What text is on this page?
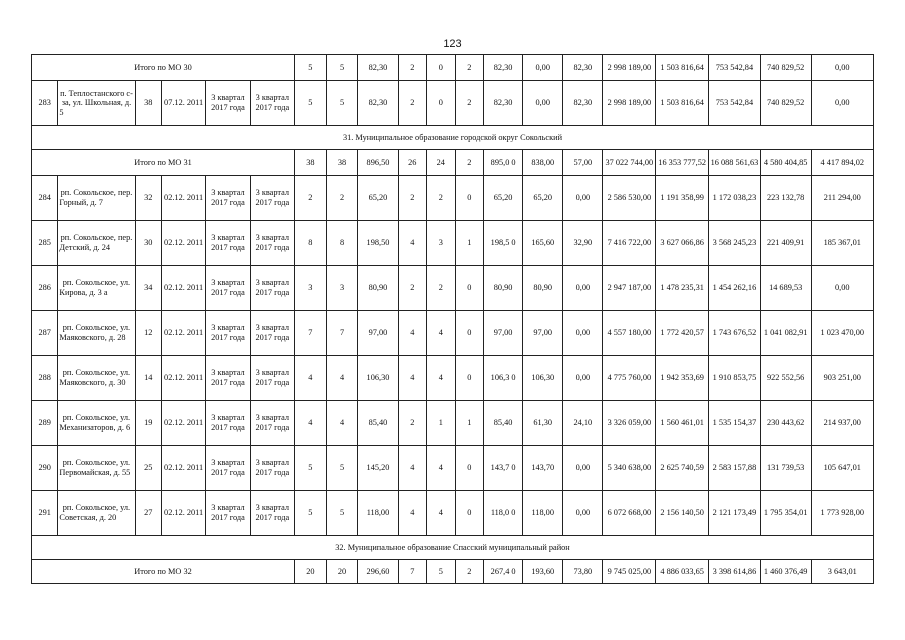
123
Итого по МО 30						5	5	82,30	2	0	2	82,30	0,00	82,30	2 998 189,00	1 503 816,64	753 542,84	740 829,52	0,00
283	п. Теплостанского с-за, ул. Школьная, д. 5	38	07.12. 2011	3 квартал 2017 года	3 квартал 2017 года	5	5	82,30	2	0	2	82,30	0,00	82,30	2 998 189,00	1 503 816,64	753 542,84	740 829,52	0,00
31. Муниципальное образование городской округ Сокольский																			
Итого по МО 31						38	38	896,50	26	24	2	895,0 0	838,00	57,00	37 022 744,00	16 353 777,52	16 088 561,63	4 580 404,85	4 417 894,02
284	рп. Сокольское, пер. Горный, д. 7	32	02.12. 2011	3 квартал 2017 года	3 квартал 2017 года	2	2	65,20	2	2	0	65,20	65,20	0,00	2 586 530,00	1 191 358,99	1 172 038,23	223 132,78	211 294,00
285	рп. Сокольское, пер. Детский, д. 24	30	02.12. 2011	3 квартал 2017 года	3 квартал 2017 года	8	8	198,50	4	3	1	198,5 0	165,60	32,90	7 416 722,00	3 627 066,86	3 568 245,23	221 409,91	185 367,01
286	рп. Сокольское, ул. Кирова, д. 3 а	34	02.12. 2011	3 квартал 2017 года	3 квартал 2017 года	3	3	80,90	2	2	0	80,90	80,90	0,00	2 947 187,00	1 478 235,31	1 454 262,16	14 689,53	0,00
287	рп. Сокольское, ул. Маяковского, д. 28	12	02.12. 2011	3 квартал 2017 года	3 квартал 2017 года	7	7	97,00	4	4	0	97,00	97,00	0,00	4 557 180,00	1 772 420,57	1 743 676,52	1 041 082,91	1 023 470,00
288	рп. Сокольское, ул. Маяковского, д. 30	14	02.12. 2011	3 квартал 2017 года	3 квартал 2017 года	4	4	106,30	4	4	0	106,3 0	106,30	0,00	4 775 760,00	1 942 353,69	1 910 853,75	922 552,56	903 251,00
289	рп. Сокольское, ул. Механизаторов, д. 6	19	02.12. 2011	3 квартал 2017 года	3 квартал 2017 года	4	4	85,40	2	1	1	85,40	61,30	24,10	3 326 059,00	1 560 461,01	1 535 154,37	230 443,62	214 937,00
290	рп. Сокольское, ул. Первомайская, д. 55	25	02.12. 2011	3 квартал 2017 года	3 квартал 2017 года	5	5	145,20	4	4	0	143,7 0	143,70	0,00	5 340 638,00	2 625 740,59	2 583 157,88	131 739,53	105 647,01
291	рп. Сокольское, ул. Советская, д. 20	27	02.12. 2011	3 квартал 2017 года	3 квартал 2017 года	5	5	118,00	4	4	0	118,0 0	118,00	0,00	6 072 668,00	2 156 140,50	2 121 173,49	1 795 354,01	1 773 928,00
32. Муниципальное образование Спасский муниципальный район																			
Итого по МО 32						20	20	296,60	7	5	2	267,4 0	193,60	73,80	9 745 025,00	4 886 033,65	3 398 614,86	1 460 376,49	3 643,01
